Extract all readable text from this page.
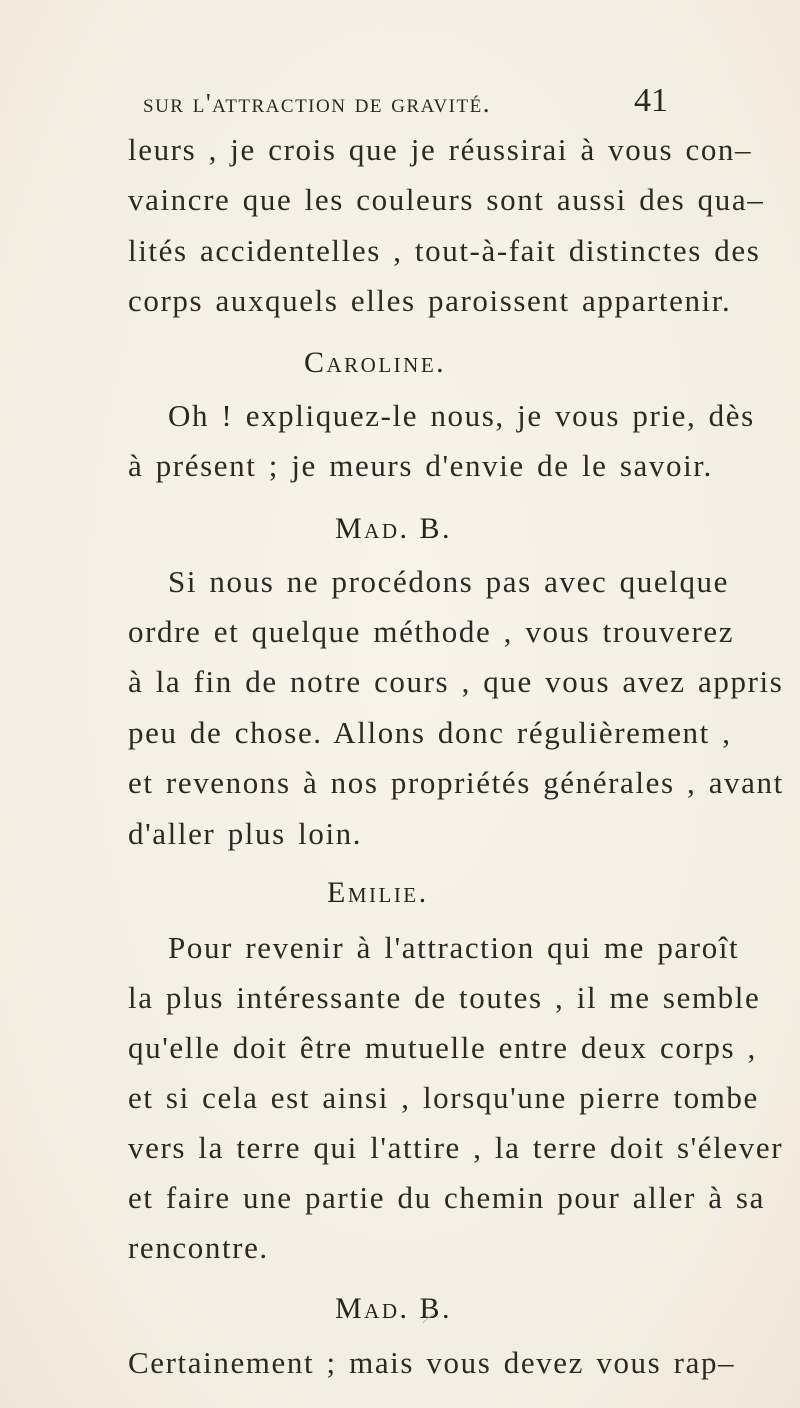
sur l'attraction de gravité.	41
leurs , je crois que je réussirai à vous con–
vaincre que les couleurs sont aussi des qua–
lités accidentelles , tout-à-fait distinctes des
corps auxquels elles paroissent appartenir.
Caroline.
Oh ! expliquez-le nous, je vous prie, dès
à présent ; je meurs d'envie de le savoir.
Mad. B.
Si nous ne procédons pas avec quelque
ordre et quelque méthode , vous trouverez
à la fin de notre cours , que vous avez appris
peu de chose. Allons donc régulièrement ,
et revenons à nos propriétés générales , avant
d'aller plus loin.
Emilie.
Pour revenir à l'attraction qui me paroît
la plus intéressante de toutes , il me semble
qu'elle doit être mutuelle entre deux corps ,
et si cela est ainsi , lorsqu'une pierre tombe
vers la terre qui l'attire , la terre doit s'élever
et faire une partie du chemin pour aller à sa
rencontre.
Mad. B.
Certainement ; mais vous devez vous rap–
